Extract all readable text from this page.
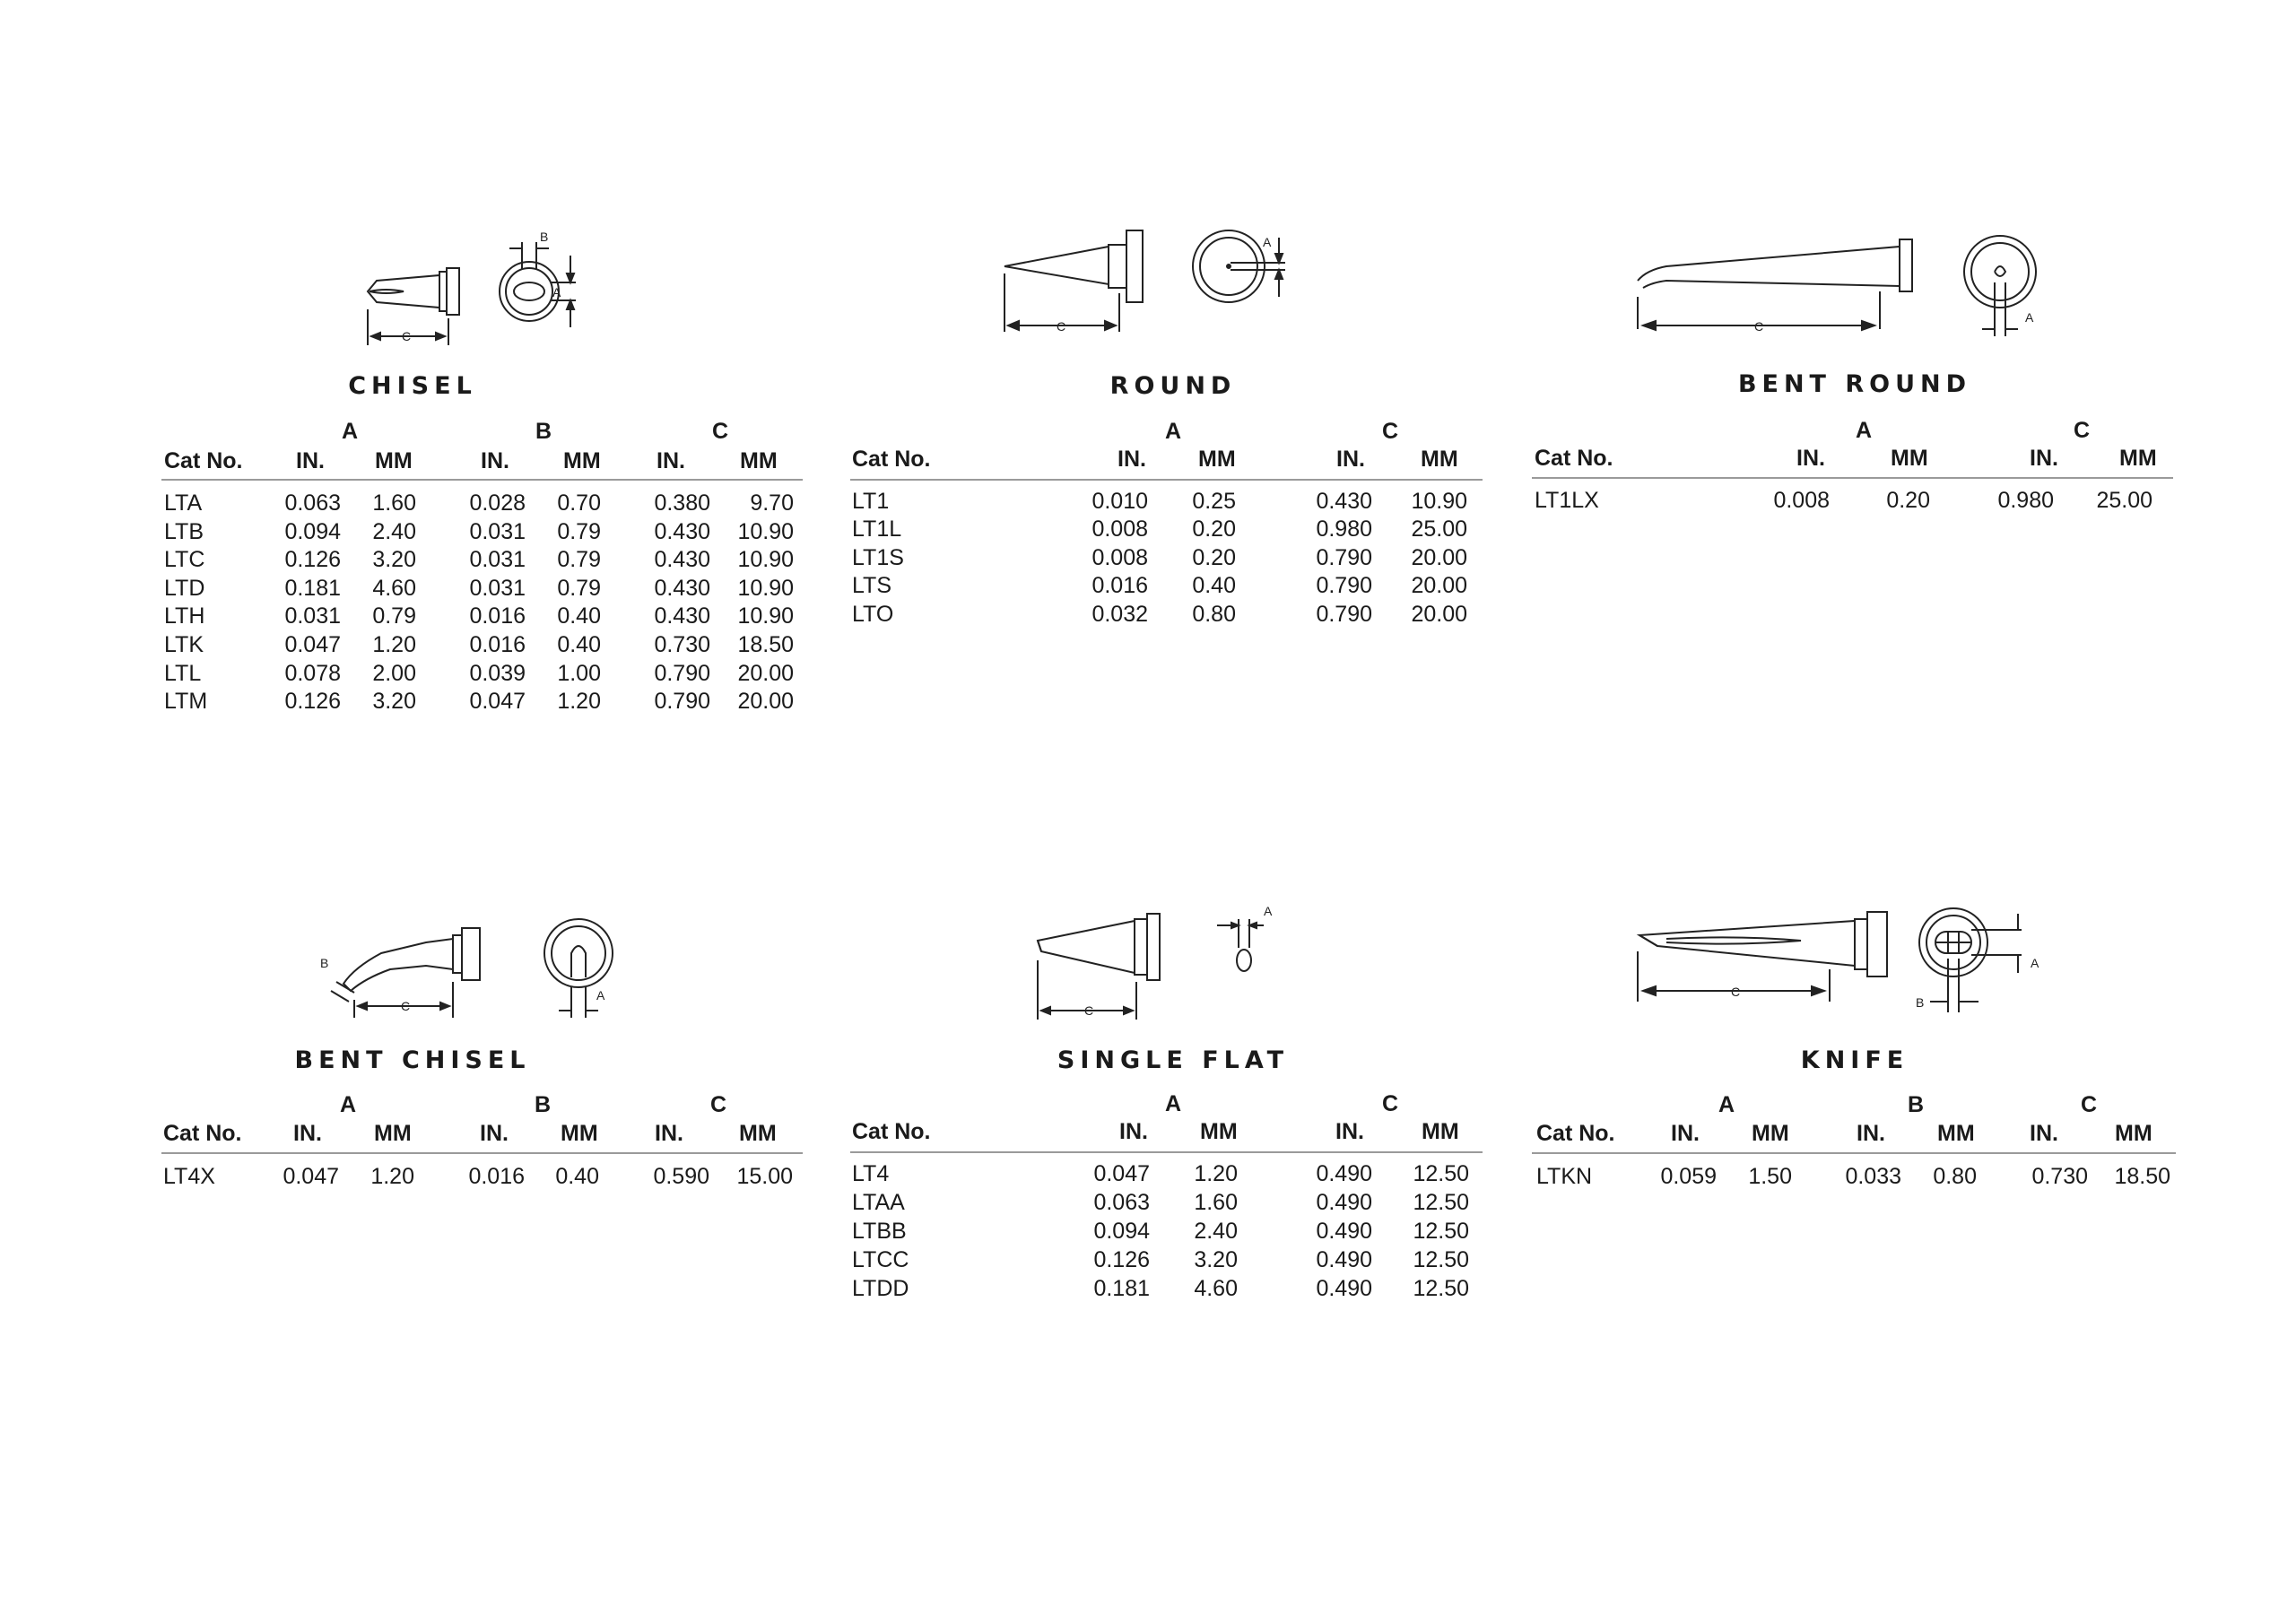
C
B
A
CHISEL
A	B	C
Cat No. IN. MM	IN. MM IN. MM
LTA	0.063	1.60	0.028	0.70	0.380	9.70
LTB	0.094	2.40	0.031	0.79	0.430	10.90
LTC	0.126	3.20	0.031	0.79	0.430	10.90
LTD	0.181	4.60	0.031	0.79	0.430	10.90
LTH	0.031	0.79	0.016	0.40	0.430	10.90
LTK	0.047	1.20	0.016	0.40	0.730	18.50
LTL	0.078	2.00	0.039	1.00	0.790	20.00
LTM	0.126	3.20	0.047	1.20	0.790	20.00
C
A
ROUND
A	C
Cat No.	IN. MM	IN. MM
LT1	0.010	0.25	0.430	10.90
LT1L	0.008	0.20	0.980	25.00
LT1S	0.008	0.20	0.790	20.00
LTS	0.016	0.40	0.790	20.00
LTO	0.032	0.80	0.790	20.00
C
A
BENT ROUND
A	C
Cat No.	IN.	MM	IN.	MM
LT1LX	0.008	0.20	0.980	25.00
B
C
A
BENT CHISEL
A	B	C
Cat No. IN. MM	IN. MM	IN. MM
LT4X	0.047	1.20	0.016	0.40	0.590	15.00
C
A
SINGLE FLAT
A	C
Cat No.	IN. MM	IN.	MM
LT4	0.047	1.20	0.490	12.50
LTAA	0.063	1.60	0.490	12.50
LTBB	0.094	2.40	0.490	12.50
LTCC	0.126	3.20	0.490	12.50
LTDD	0.181	4.60	0.490	12.50
C
A
B
KNIFE
A	B	C
Cat No.	IN. MM	IN. MM IN.	MM
LTKN	0.059	1.50	0.033	0.80	0.730	18.50
